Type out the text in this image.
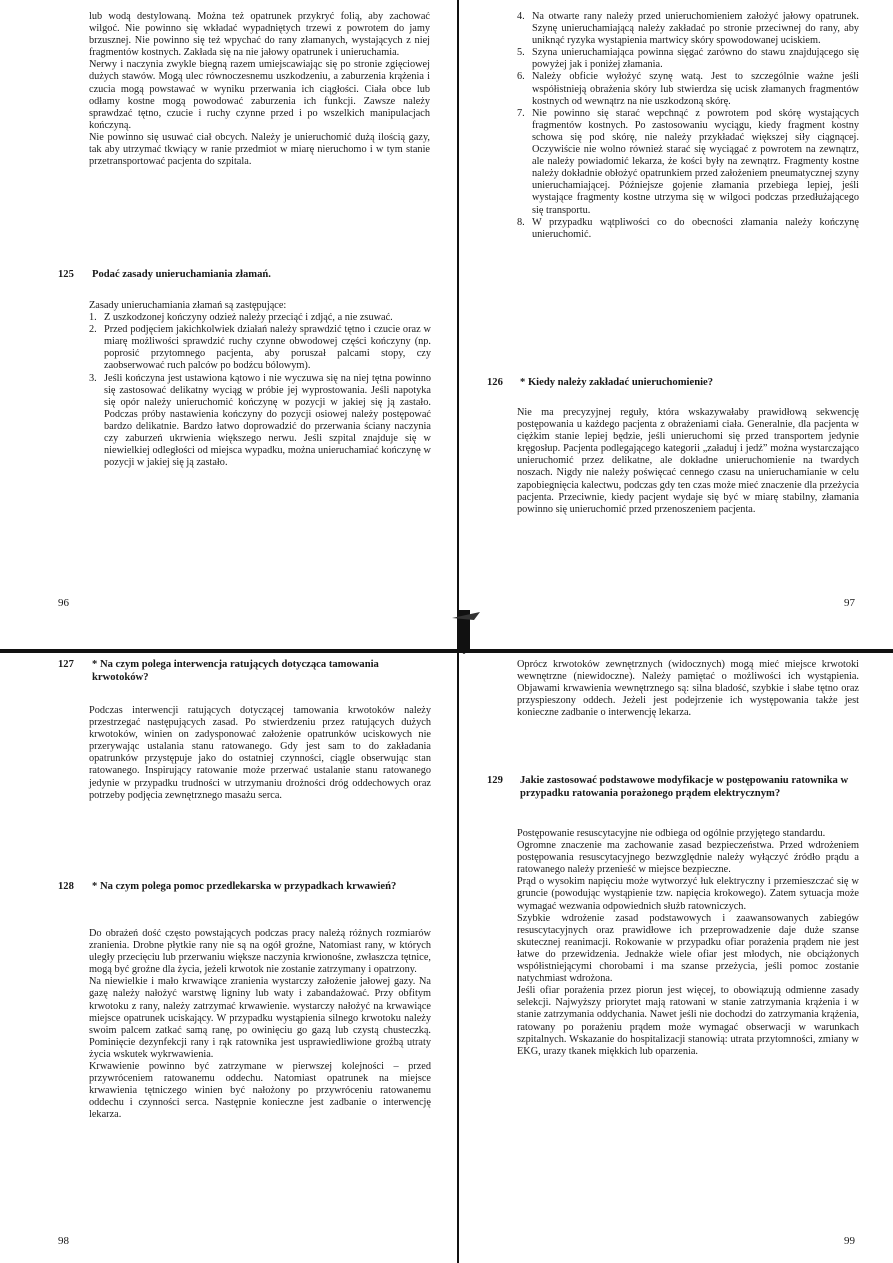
lub wodą destylowaną. Można też opatrunek przykryć folią, aby zachować wilgoć. Nie powinno się wkładać wypadniętych trzewi z powrotem do jamy brzusznej. Nie powinno się też wpychać do rany złamanych, wystających z niej fragmentów kostnych. Zakłada się na nie jałowy opatrunek i unieruchamia.

Nerwy i naczynia zwykle biegną razem umiejscawiając się po stronie zgięciowej dużych stawów. Mogą ulec równoczesnemu uszkodzeniu, a zaburzenia krążenia i czucia mogą powstawać w wyniku przerwania ich ciągłości. Ciała obce lub odłamy kostne mogą powodować zaburzenia ich funkcji. Zawsze należy sprawdzać tętno, czucie i ruchy czynne przed i po wszelkich manipulacjach kończyną.

Nie powinno się usuwać ciał obcych. Należy je unieruchomić dużą ilością gazy, tak aby utrzymać tkwiący w ranie przedmiot w miarę nieruchomo i w tym stanie przetransportować pacjenta do szpitala.

125 Podać zasady unieruchamiania złamań.

Zasady unieruchamiania złamań są zastępujące:

1. Z uszkodzonej kończyny odzież należy przeciąć i zdjąć, a nie zsuwać.
2. Przed podjęciem jakichkolwiek działań należy sprawdzić tętno i czucie oraz w miarę możliwości sprawdzić ruchy czynne obwodowej części kończyny (np. poprosić przytomnego pacjenta, aby poruszał palcami stopy, czy zaobserwować ruch palców po bodźcu bólowym).
3. Jeśli kończyna jest ustawiona kątowo i nie wyczuwa się na niej tętna powinno się zastosować delikatny wyciąg w próbie jej wyprostowania. Jeśli napotyka się opór należy unieruchomić kończynę w pozycji w jakiej się ją zastało. Podczas próby nastawienia kończyny do pozycji osiowej należy postępować bardzo delikatnie. Bardzo łatwo doprowadzić do przerwania ściany naczynia czy zaburzeń ukrwienia większego nerwu. Jeśli szpital znajduje się w niewielkiej odległości od miejsca wypadku, można unieruchamiać kończynę w pozycji w jakiej się ją zastało.
96
4. Na otwarte rany należy przed unieruchomieniem założyć jałowy opatrunek. Szynę unieruchamiającą należy zakładać po stronie przeciwnej do rany, aby uniknąć ryzyka wystąpienia martwicy skóry spowodowanej uciskiem.
5. Szyna unieruchamiająca powinna sięgać zarówno do stawu znajdującego się powyżej jak i poniżej złamania.
6. Należy obficie wyłożyć szynę watą. Jest to szczególnie ważne jeśli współistnieją obrażenia skóry lub stwierdza się ucisk złamanych fragmentów kostnych od wewnątrz na nie uszkodzoną skórę.
7. Nie powinno się starać wepchnąć z powrotem pod skórę wystających fragmentów kostnych. Po zastosowaniu wyciągu, kiedy fragment kostny schowa się pod skórę, nie należy przykładać większej siły ciągnącej. Oczywiście nie wolno również starać się wyciągać z powrotem na zewnątrz, ale należy powiadomić lekarza, że kości były na zewnątrz. Fragmenty kostne należy dokładnie obłożyć opatrunkiem przed założeniem pneumatycznej szyny unieruchamiającej. Późniejsze gojenie złamania przebiega lepiej, jeśli wystające fragmenty kostne utrzyma się w wilgoci podczas przedłużającego się transportu.
8. W przypadku wątpliwości co do obecności złamania należy kończynę unieruchomić.
126 * Kiedy należy zakładać unieruchomienie?

Nie ma precyzyjnej reguły, która wskazywałaby prawidłową sekwencję postępowania u każdego pacjenta z obrażeniami ciała. Generalnie, dla pacjenta w ciężkim stanie lepiej będzie, jeśli unieruchomi się przed transportem jedynie kręgosłup. Pacjenta podlegającego kategorii „załaduj i jedź” można wystarczająco unieruchomić przez delikatne, ale dokładne unieruchomienie na twardych noszach. Nigdy nie należy poświęcać cennego czasu na unieruchamianie w celu zapobiegnięcia kalectwu, podczas gdy ten czas może mieć znaczenie dla przeżycia pacjenta. Przeciwnie, kiedy pacjent wydaje się być w miarę stabilny, złamania powinno się unieruchomić przed przenoszeniem pacjenta.

97
127 * Na czym polega interwencja ratujących dotycząca tamowania krwotoków?

Podczas interwencji ratujących dotyczącej tamowania krwotoków należy przestrzegać następujących zasad. Po stwierdzeniu przez ratujących dużych krwotoków, winien on zadysponować założenie opatrunków uciskowych nie przerywając ustalania stanu ratowanego. Gdy jest sam to do zakładania opatrunków przystępuje jako do ostatniej czynności, ciągle obserwując stan ratowanego. Inspirujący ratowanie może przerwać ustalanie stanu ratowanego jedynie w przypadku trudności w utrzymaniu drożności dróg oddechowych oraz potrzeby podjęcia zewnętrznego masażu serca.

128 * Na czym polega pomoc przedlekarska w przypadkach krwawień?

Do obrażeń dość często powstających podczas pracy należą różnych rozmiarów zranienia. Drobne płytkie rany nie są na ogół groźne, Natomiast rany, w których uległy przecięciu lub przerwaniu większe naczynia krwionośne, zwłaszcza tętnice, mogą być groźne dla życia, jeżeli krwotok nie zostanie zatrzymany i opatrzony.

Na niewielkie i mało krwawiące zranienia wystarczy założenie jałowej gazy. Na gazę należy nałożyć warstwę ligniny lub waty i zabandażować. Przy obfitym krwotoku z rany, należy zatrzymać krwawienie. wystarczy nałożyć na krwawiące miejsce opatrunek uciskający. W przypadku wystąpienia silnego krwotoku należy swoim palcem zatkać samą ranę, po owinięciu go gazą lub czystą chusteczką. Pominięcie dezynfekcji rany i rąk ratownika jest usprawiedliwione groźbą utraty życia wskutek wykrwawienia.

Krwawienie powinno być zatrzymane w pierwszej kolejności – przed przywróceniem ratowanemu oddechu. Natomiast opatrunek na miejsce krwawienia tętniczego winien być nałożony po przywróceniu ratowanemu oddechu i czynności serca. Następnie konieczne jest zadbanie o interwencję lekarza.

98

Oprócz krwotoków zewnętrznych (widocznych) mogą mieć miejsce krwotoki wewnętrzne (niewidoczne). Należy pamiętać o możliwości ich wystąpienia. Objawami krwawienia wewnętrznego są: silna bladość, szybkie i słabe tętno oraz przyspieszony oddech. Jeżeli jest podejrzenie ich występowania także jest konieczne zadbanie o interwencję lekarza.

129 Jakie zastosować podstawowe modyfikacje w postępowaniu ratownika w przypadku ratowania porażonego prądem elektrycznym?

Postępowanie resuscytacyjne nie odbiega od ogólnie przyjętego standardu.

Ogromne znaczenie ma zachowanie zasad bezpieczeństwa. Przed wdrożeniem postępowania resuscytacyjnego bezwzględnie należy wyłączyć źródło prądu a ratowanego należy przenieść w miejsce bezpieczne.

Prąd o wysokim napięciu może wytworzyć łuk elektryczny i przemieszczać się w gruncie (powodując wystąpienie tzw. napięcia krokowego). Zatem sytuacja może wymagać wezwania odpowiednich służb ratowniczych.

Szybkie wdrożenie zasad podstawowych i zaawansowanych zabiegów resuscytacyjnych oraz prawidłowe ich przeprowadzenie daje duże szanse skutecznej reanimacji. Rokowanie w przypadku ofiar porażenia prądem nie jest łatwe do przewidzenia. Jednakże wiele ofiar jest młodych, nie obciążonych współistniejącymi chorobami i ma szanse przeżycia, jeśli pomoc zostanie natychmiast wdrożona.

Jeśli ofiar porażenia przez piorun jest więcej, to obowiązują odmienne zasady selekcji. Najwyższy priorytet mają ratowani w stanie zatrzymania krążenia i w stanie zatrzymania oddychania. Nawet jeśli nie dochodzi do zatrzymania krążenia, ratowany po porażeniu prądem może wymagać obserwacji w warunkach szpitalnych. Wskazanie do hospitalizacji stanowią: utrata przytomności, zmiany w EKG, urazy tkanek miękkich lub oparzenia.

99
